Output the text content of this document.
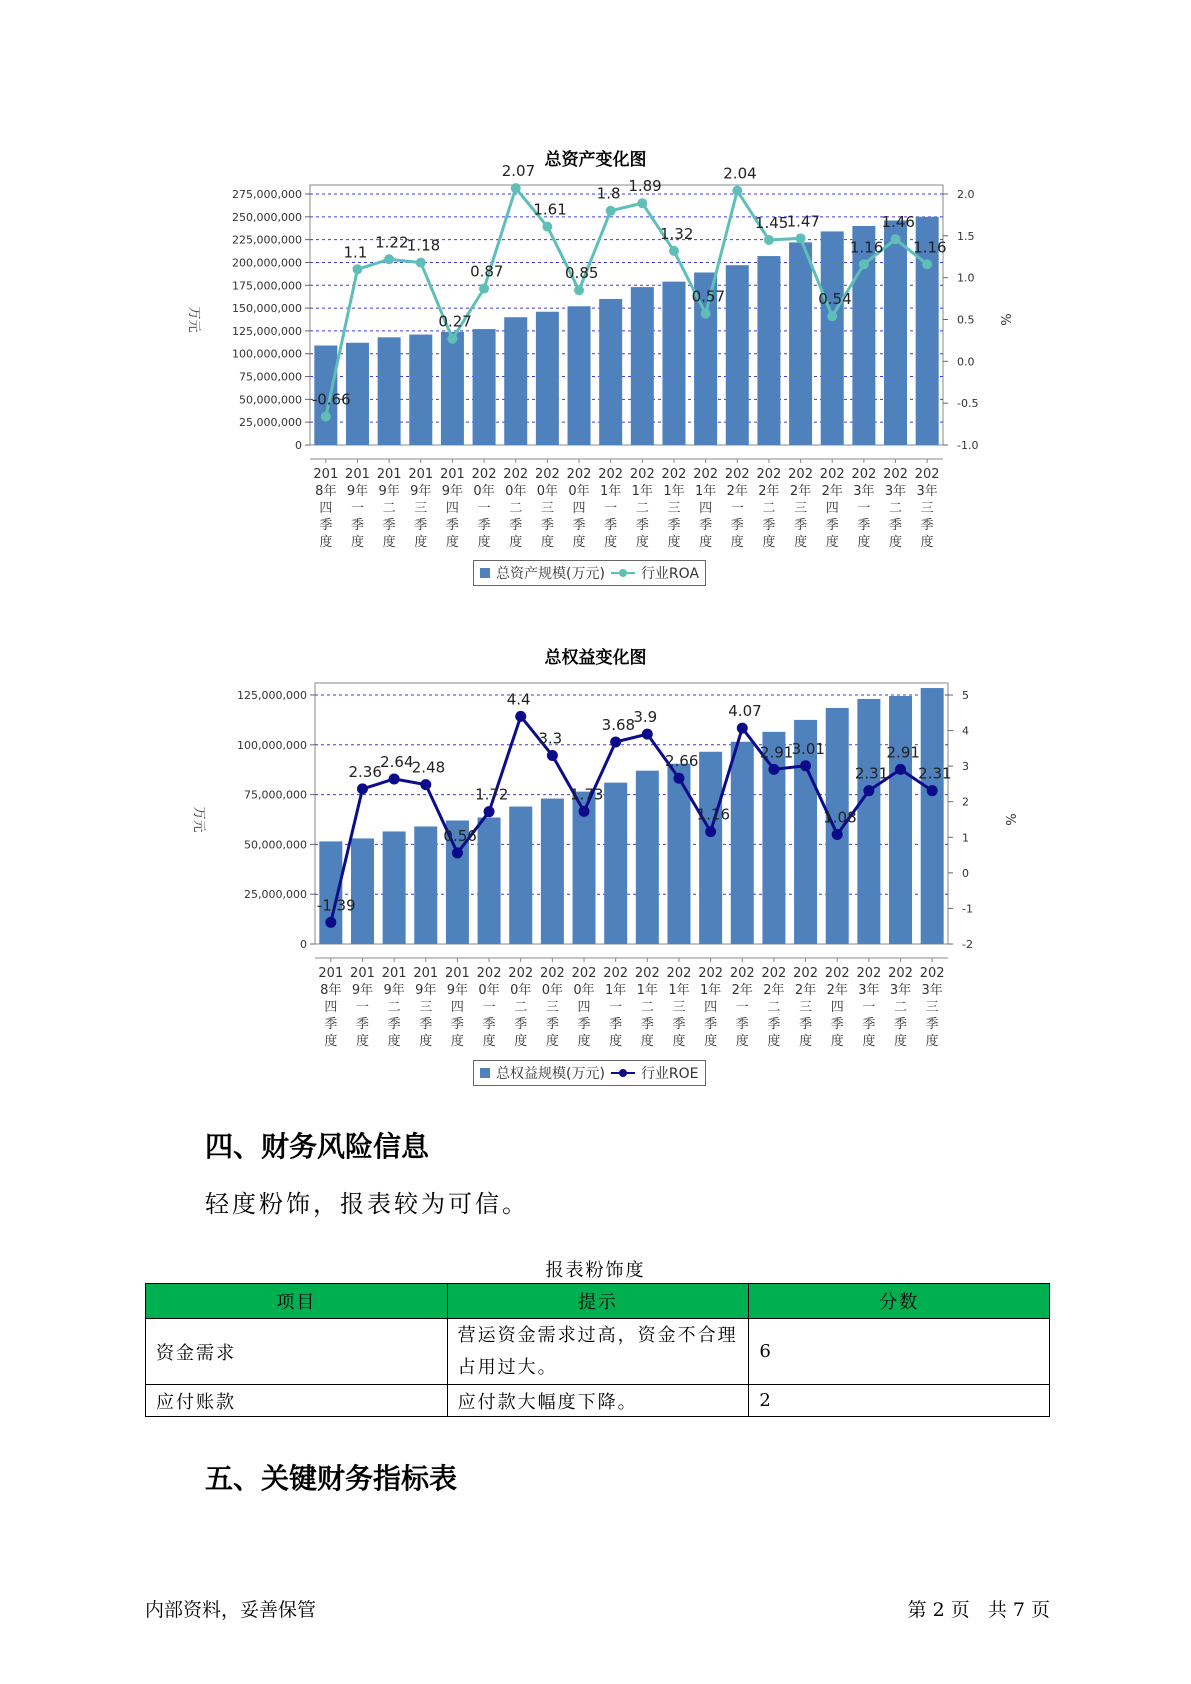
总资产变化图
0
25,000,000
50,000,000
75,000,000
100,000,000
125,000,000
150,000,000
175,000,000
200,000,000
225,000,000
250,000,000
275,000,000
-1.0
-0.5
0.0
0.5
1.0
1.5
2.0
万元	%
201 8年四季度
201 9年一季度
201 9年二季度
201 9年三季度
201 9年四季度
202 0年一季度
202 0年二季度
202 0年三季度
202 0年四季度
202 1年一季度
202 1年二季度
202 1年三季度
202 1年四季度
202 2年一季度
202 2年二季度
202 2年三季度
202 2年四季度
202 3年一季度
202 3年二季度
202 3年三季度
-0.66
1.1
1.22
1.18
0.27
0.87
2.07
1.61
0.85
1.8 1.89
1.32
0.57
2.04
1.45
1.47
0.54
1.16
1.46
1.16
总资产规模(万元)	行业ROA
总权益变化图
0
25,000,000
50,000,000
75,000,000
100,000,000
125,000,000
-2
-1
0
1
2
3
4
5
万元	%
201 8年四季度
201 9年一季度
201 9年二季度
201 9年三季度
201 9年四季度
202 0年一季度
202 0年二季度
202 0年三季度
202 0年四季度
202 1年一季度
202 1年二季度
202 1年三季度
202 1年四季度
202 2年一季度
202 2年二季度
202 2年三季度
202 2年四季度
202 3年一季度
202 3年二季度
202 3年三季度
-1.39
2.36
2.64
2.48
0.56
1.72
4.4
3.3
1.73
3.68
3.9
2.66
1.16
4.07
2.91
3.01
1.08
2.31
2.91
2.31
总权益规模(万元)	行业ROE
四、财务风险信息
轻度粉饰，报表较为可信。
报表粉饰度
项目	提示	分数
资金需求	营运资金需求过高，资金不合理占用过大。	6
应付账款	应付款大幅度下降。	2
五、关键财务指标表
内部资料，妥善保管	第 2 页   共 7 页
